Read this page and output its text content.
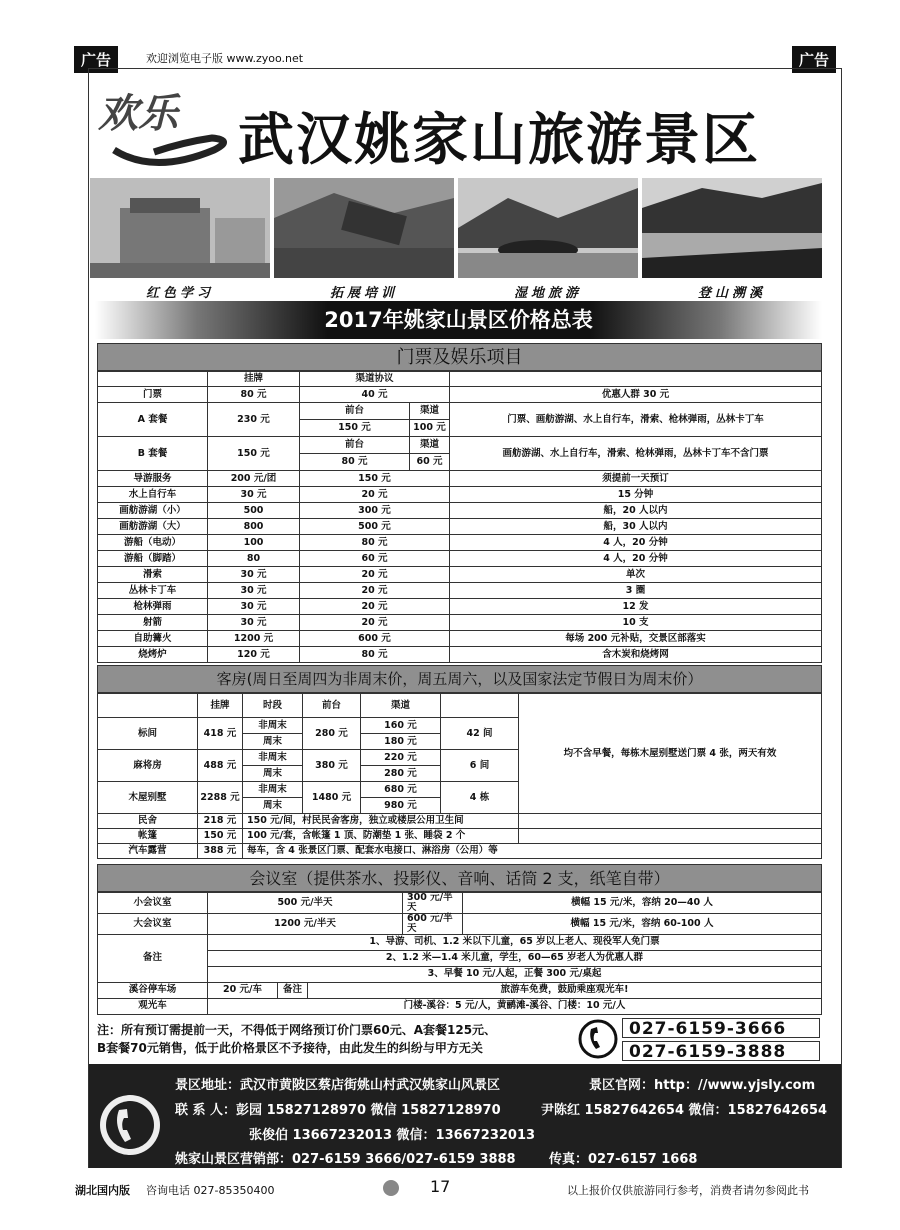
广告	欢迎浏览电子版 www.zyoo.net	广告
欢乐 武汉姚家山旅游景区
红色学习	拓展培训	湿地旅游	登山溯溪
2017年姚家山景区价格总表
门票及娱乐项目
	挂牌	渠道协议		
门票	80 元	40 元		优惠人群 30 元
A 套餐	230 元	前台	渠道	门票、画舫游湖、水上自行车，滑索、枪林弹雨，丛林卡丁车
		150 元	100 元	
B 套餐	150 元	前台	渠道	画舫游湖、水上自行车，滑索、枪林弹雨，丛林卡丁车不含门票
		80 元	60 元	
导游服务	200 元/团	150 元		须提前一天预订
水上自行车	30 元	20 元		15 分钟
画舫游湖（小）	500	300 元		船，20 人以内
画舫游湖（大）	800	500 元		船，30 人以内
游船（电动）	100	80 元		4 人，20 分钟
游船（脚踏）	80	60 元		4 人，20 分钟
滑索	30 元	20 元		单次
丛林卡丁车	30 元	20 元		3 圈
枪林弹雨	30 元	20 元		12 发
射箭	30 元	20 元		10 支
自助篝火	1200 元	600 元		每场 200 元补贴，交景区部落实
烧烤炉	120 元	80 元		含木炭和烧烤网
客房(周日至周四为非周末价，周五周六，以及国家法定节假日为周末价）
	挂牌	时段	前台	渠道		均不含早餐，每栋木屋别墅送门票 4 张，两天有效
标间	418 元	非周末	280 元	160 元	42 间	
		周末		180 元		
麻将房	488 元	非周末	380 元	220 元	6 间	
		周末		280 元		
木屋别墅	2288 元	非周末	1480 元	680 元	4 栋	
		周末		980 元		
民舍	218 元	150 元/间，村民民舍客房，独立或楼层公用卫生间				
帐篷	150 元	100 元/套，含帐篷 1 顶、防潮垫 1 张、睡袋 2 个				
汽车露营	388 元	每车，含 4 张景区门票、配套水电接口、淋浴房（公用）等				
会议室（提供茶水、投影仪、音响、话筒 2 支，纸笔自带）
小会议室	500 元/半天			300 元/半天	横幅 15 元/米，容纳 20—40 人
大会议室	1200 元/半天			600 元/半天	横幅 15 元/米，容纳 60-100 人
备注	1、导游、司机、1.2 米以下儿童，65 岁以上老人、现役军人免门票				
	2、1.2 米—1.4 米儿童，学生，60—65 岁老人为优惠人群				
	3、早餐 10 元/人起，正餐 300 元/桌起				
溪谷停车场	20 元/车	备注	旅游车免费，鼓励乘座观光车!		
观光车	门楼-溪谷：5 元/人，黄鹂滩-溪谷、门楼：10 元/人				
注：所有预订需提前一天，不得低于网络预订价门票60元、A套餐125元、
B套餐70元销售，低于此价格景区不予接待，由此发生的纠纷与甲方无关
027-6159-3666
027-6159-3888
景区地址：武汉市黄陂区蔡店街姚山村武汉姚家山风景区	景区官网：http：//www.yjsly.com
联 系 人：彭园 15827128970 微信 15827128970	尹陈红 15827642654 微信：15827642654
张俊伯 13667232013 微信：13667232013
姚家山景区营销部：027-6159 3666/027-6159 3888	传真：027-6157 1668
湖北国内版 咨询电话 027-85350400	17	以上报价仅供旅游同行参考，消费者请勿参阅此书
